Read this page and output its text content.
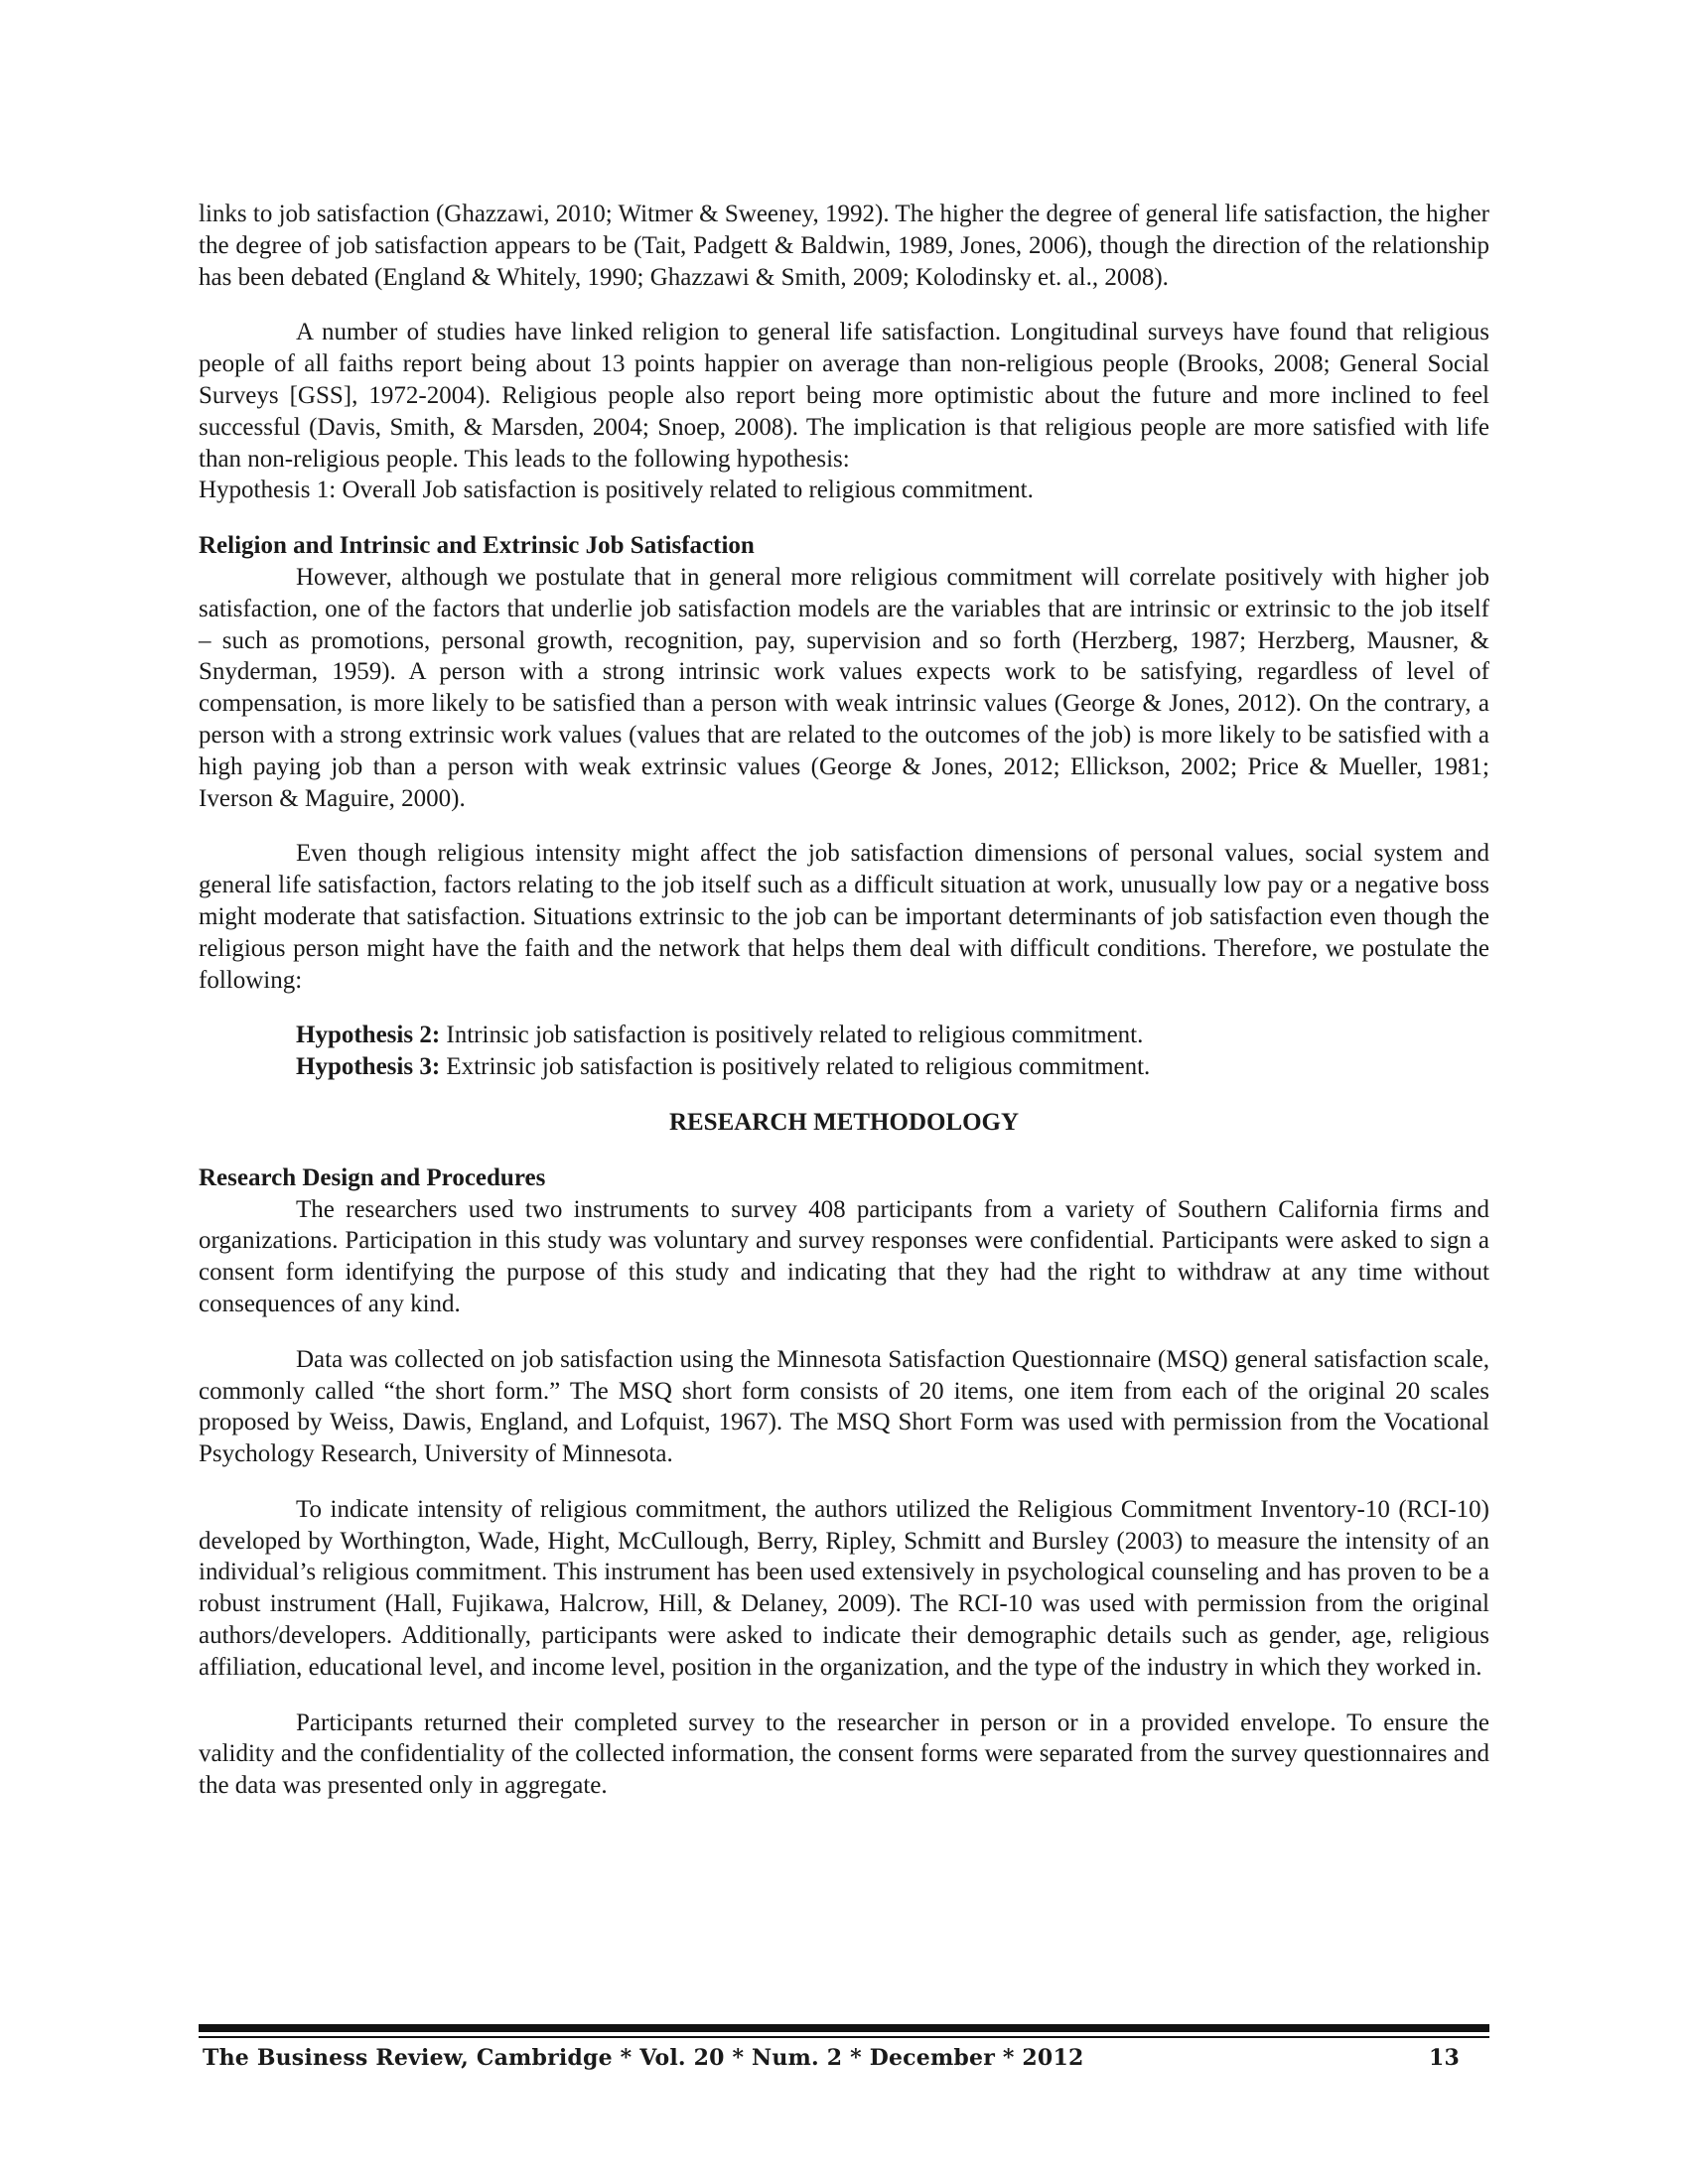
links to job satisfaction (Ghazzawi, 2010; Witmer & Sweeney, 1992). The higher the degree of general life satisfaction, the higher the degree of job satisfaction appears to be (Tait, Padgett & Baldwin, 1989, Jones, 2006), though the direction of the relationship has been debated (England & Whitely, 1990; Ghazzawi & Smith, 2009; Kolodinsky et. al., 2008).

A number of studies have linked religion to general life satisfaction. Longitudinal surveys have found that religious people of all faiths report being about 13 points happier on average than non-religious people (Brooks, 2008; General Social Surveys [GSS], 1972-2004). Religious people also report being more optimistic about the future and more inclined to feel successful (Davis, Smith, & Marsden, 2004; Snoep, 2008). The implication is that religious people are more satisfied with life than non-religious people. This leads to the following hypothesis:

Hypothesis 1: Overall Job satisfaction is positively related to religious commitment.

Religion and Intrinsic and Extrinsic Job Satisfaction

However, although we postulate that in general more religious commitment will correlate positively with higher job satisfaction, one of the factors that underlie job satisfaction models are the variables that are intrinsic or extrinsic to the job itself – such as promotions, personal growth, recognition, pay, supervision and so forth (Herzberg, 1987; Herzberg, Mausner, & Snyderman, 1959). A person with a strong intrinsic work values expects work to be satisfying, regardless of level of compensation, is more likely to be satisfied than a person with weak intrinsic values (George & Jones, 2012). On the contrary, a person with a strong extrinsic work values (values that are related to the outcomes of the job) is more likely to be satisfied with a high paying job than a person with weak extrinsic values (George & Jones, 2012; Ellickson, 2002; Price & Mueller, 1981; Iverson & Maguire, 2000).

Even though religious intensity might affect the job satisfaction dimensions of personal values, social system and general life satisfaction, factors relating to the job itself such as a difficult situation at work, unusually low pay or a negative boss might moderate that satisfaction. Situations extrinsic to the job can be important determinants of job satisfaction even though the religious person might have the faith and the network that helps them deal with difficult conditions. Therefore, we postulate the following:

Hypothesis 2: Intrinsic job satisfaction is positively related to religious commitment.
Hypothesis 3: Extrinsic job satisfaction is positively related to religious commitment.
RESEARCH METHODOLOGY
Research Design and Procedures

The researchers used two instruments to survey 408 participants from a variety of Southern California firms and organizations. Participation in this study was voluntary and survey responses were confidential. Participants were asked to sign a consent form identifying the purpose of this study and indicating that they had the right to withdraw at any time without consequences of any kind.

Data was collected on job satisfaction using the Minnesota Satisfaction Questionnaire (MSQ) general satisfaction scale, commonly called “the short form.” The MSQ short form consists of 20 items, one item from each of the original 20 scales proposed by Weiss, Dawis, England, and Lofquist, 1967). The MSQ Short Form was used with permission from the Vocational Psychology Research, University of Minnesota.

To indicate intensity of religious commitment, the authors utilized the Religious Commitment Inventory-10 (RCI-10) developed by Worthington, Wade, Hight, McCullough, Berry, Ripley, Schmitt and Bursley (2003) to measure the intensity of an individual’s religious commitment. This instrument has been used extensively in psychological counseling and has proven to be a robust instrument (Hall, Fujikawa, Halcrow, Hill, & Delaney, 2009). The RCI-10 was used with permission from the original authors/developers. Additionally, participants were asked to indicate their demographic details such as gender, age, religious affiliation, educational level, and income level, position in the organization, and the type of the industry in which they worked in.

Participants returned their completed survey to the researcher in person or in a provided envelope. To ensure the validity and the confidentiality of the collected information, the consent forms were separated from the survey questionnaires and the data was presented only in aggregate.

The Business Review, Cambridge * Vol. 20 * Num. 2 * December * 2012	13
